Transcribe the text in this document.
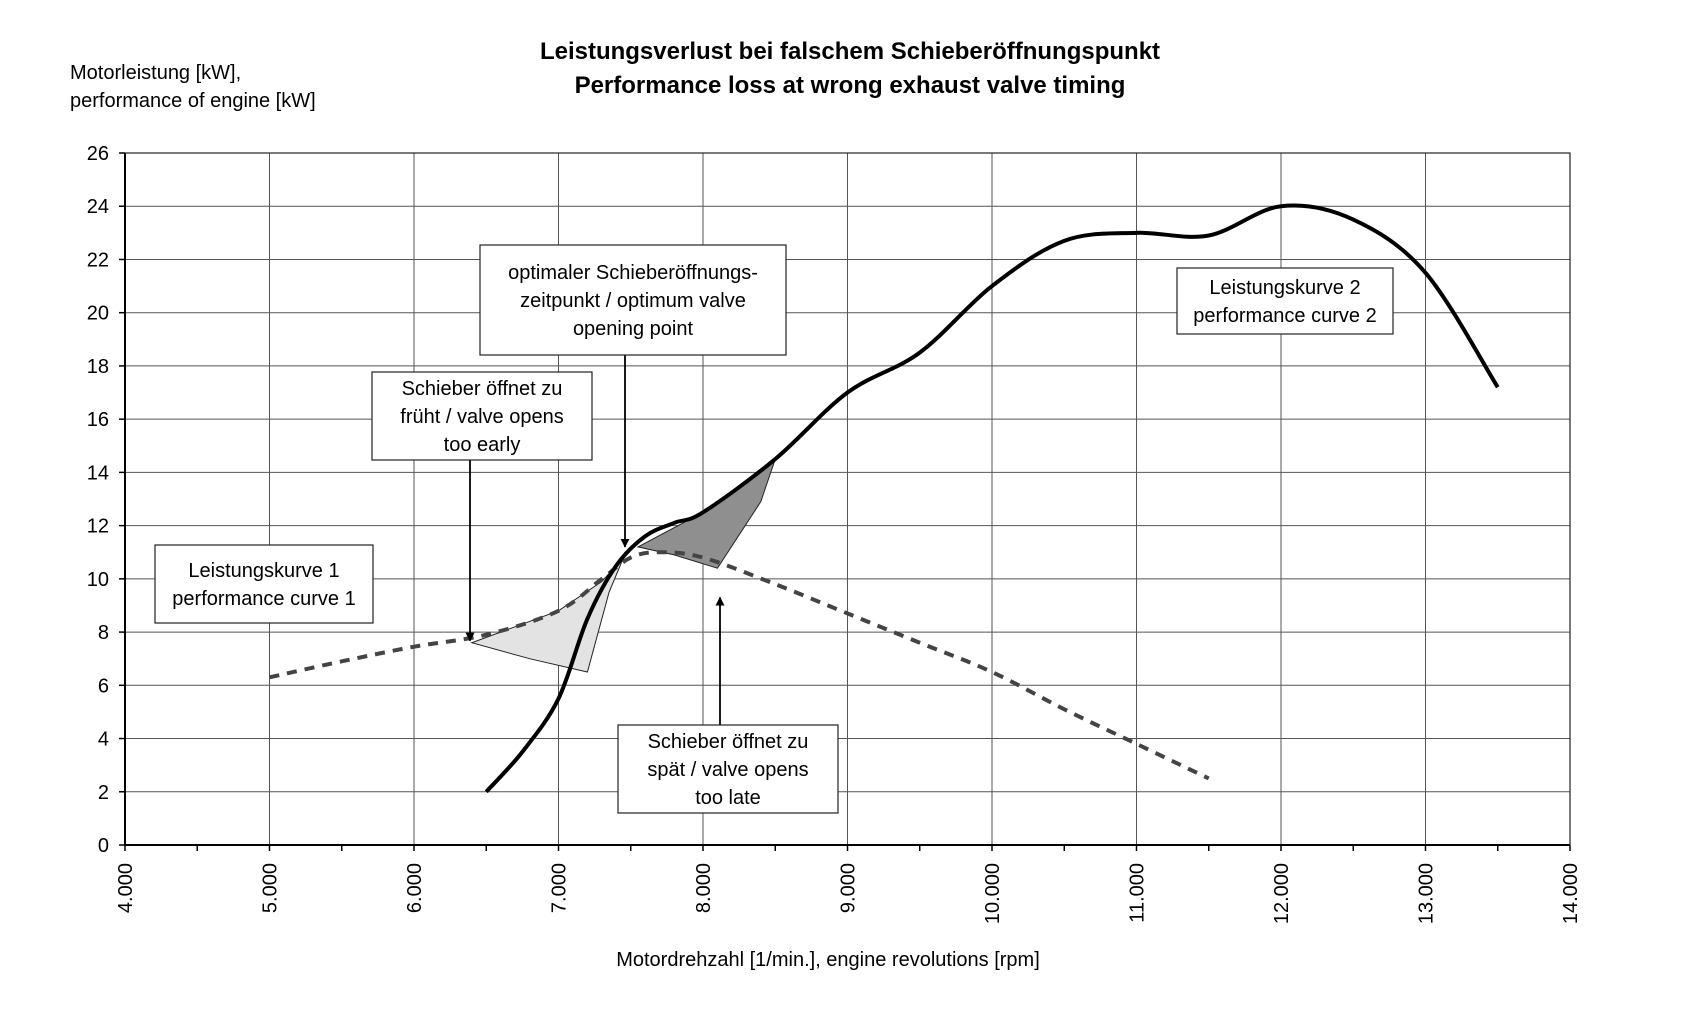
0
2
4
6
8
10
12
14
16
18
20
22
24
26
4.000	5.000	6.000	7.000	8.000	9.000	10.000	11.000	12.000	13.000	14.000
Leistungskurve 1 performance curve 1
Leistungskurve 2 performance curve 2
optimaler Schieberöffnungs-zeitpunkt / optimum valve opening point
Schieber öffnet zu früht / valve opens too early
Schieber öffnet zu spät / valve opens too late
Leistungsverlust bei falschem Schieberöffnungspunkt Performance loss at wrong exhaust valve timing
Motorleistung [kW], performance of engine [kW]
Motordrehzahl [1/min.], engine revolutions [rpm]
